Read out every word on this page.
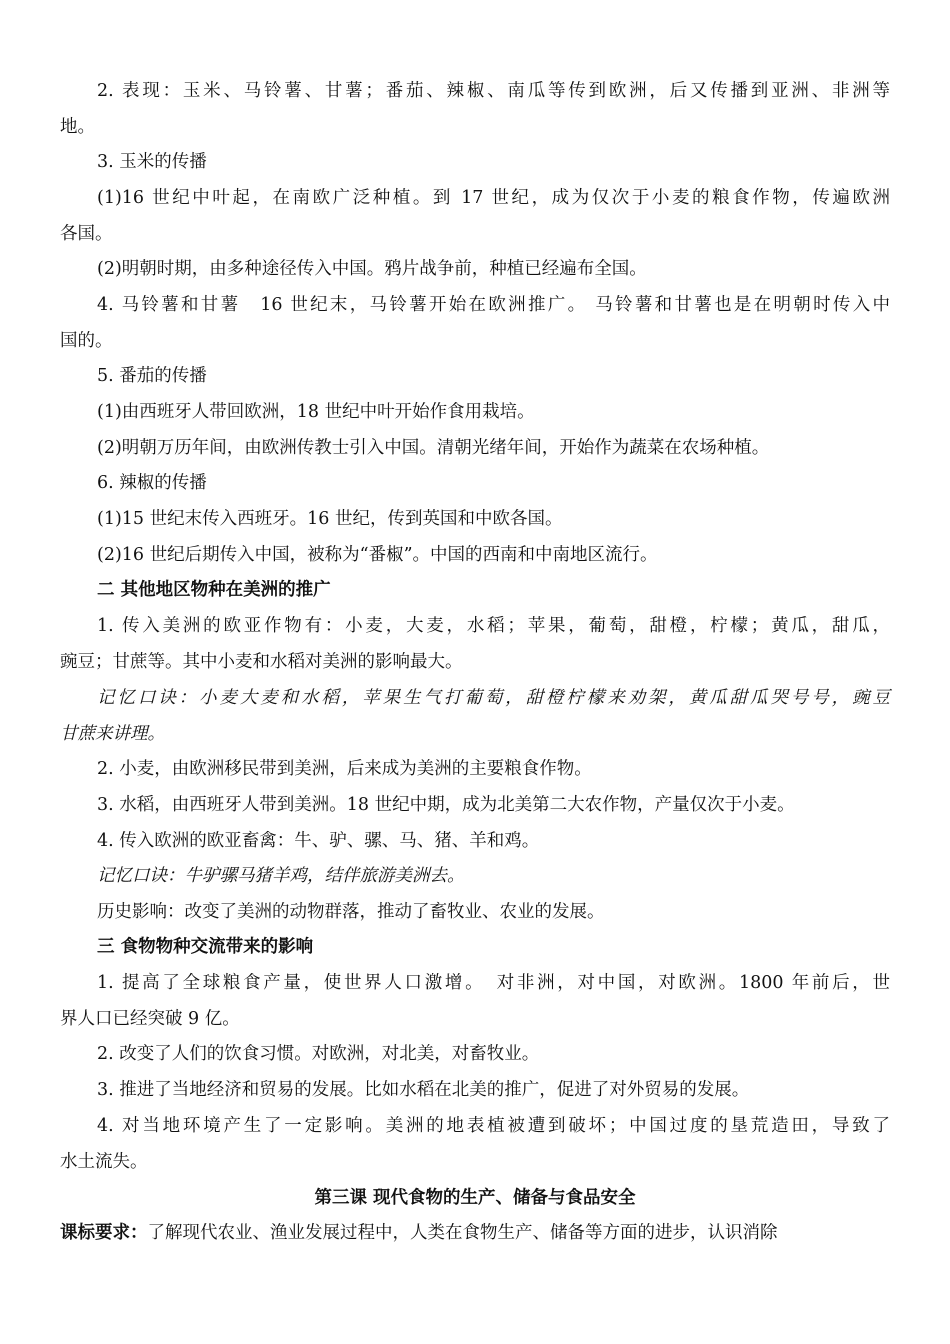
2. 表现：玉米、马铃薯、甘薯；番茄、辣椒、南瓜等传到欧洲，后又传播到亚洲、非洲等
地。
3. 玉米的传播
(1)16 世纪中叶起，在南欧广泛种植。到 17 世纪，成为仅次于小麦的粮食作物，传遍欧洲
各国。
(2)明朝时期，由多种途径传入中国。鸦片战争前，种植已经遍布全国。
4. 马铃薯和甘薯　16 世纪末，马铃薯开始在欧洲推广。 马铃薯和甘薯也是在明朝时传入中
国的。
5. 番茄的传播
(1)由西班牙人带回欧洲，18 世纪中叶开始作食用栽培。
(2)明朝万历年间，由欧洲传教士引入中国。清朝光绪年间，开始作为蔬菜在农场种植。
6. 辣椒的传播
(1)15 世纪末传入西班牙。16 世纪，传到英国和中欧各国。
(2)16 世纪后期传入中国，被称为“番椒”。中国的西南和中南地区流行。
二 其他地区物种在美洲的推广
1. 传入美洲的欧亚作物有：小麦，大麦，水稻；苹果，葡萄，甜橙，柠檬；黄瓜，甜瓜，
豌豆；甘蔗等。其中小麦和水稻对美洲的影响最大。
记忆口诀：小麦大麦和水稻，苹果生气打葡萄，甜橙柠檬来劝架，黄瓜甜瓜哭号号，豌豆
甘蔗来讲理。
2. 小麦，由欧洲移民带到美洲，后来成为美洲的主要粮食作物。
3. 水稻，由西班牙人带到美洲。18 世纪中期，成为北美第二大农作物，产量仅次于小麦。
4. 传入欧洲的欧亚畜禽：牛、驴、骡、马、猪、羊和鸡。
记忆口诀：牛驴骡马猪羊鸡，结伴旅游美洲去。
历史影响：改变了美洲的动物群落，推动了畜牧业、农业的发展。
三 食物物种交流带来的影响
1. 提高了全球粮食产量，使世界人口激增。　对非洲，对中国，对欧洲。1800 年前后，世
界人口已经突破 9 亿。
2. 改变了人们的饮食习惯。对欧洲，对北美，对畜牧业。
3. 推进了当地经济和贸易的发展。比如水稻在北美的推广，促进了对外贸易的发展。
4. 对当地环境产生了一定影响。美洲的地表植被遭到破坏；中国过度的垦荒造田，导致了
水土流失。
第三课 现代食物的生产、储备与食品安全
课标要求：了解现代农业、渔业发展过程中，人类在食物生产、储备等方面的进步，认识消除
